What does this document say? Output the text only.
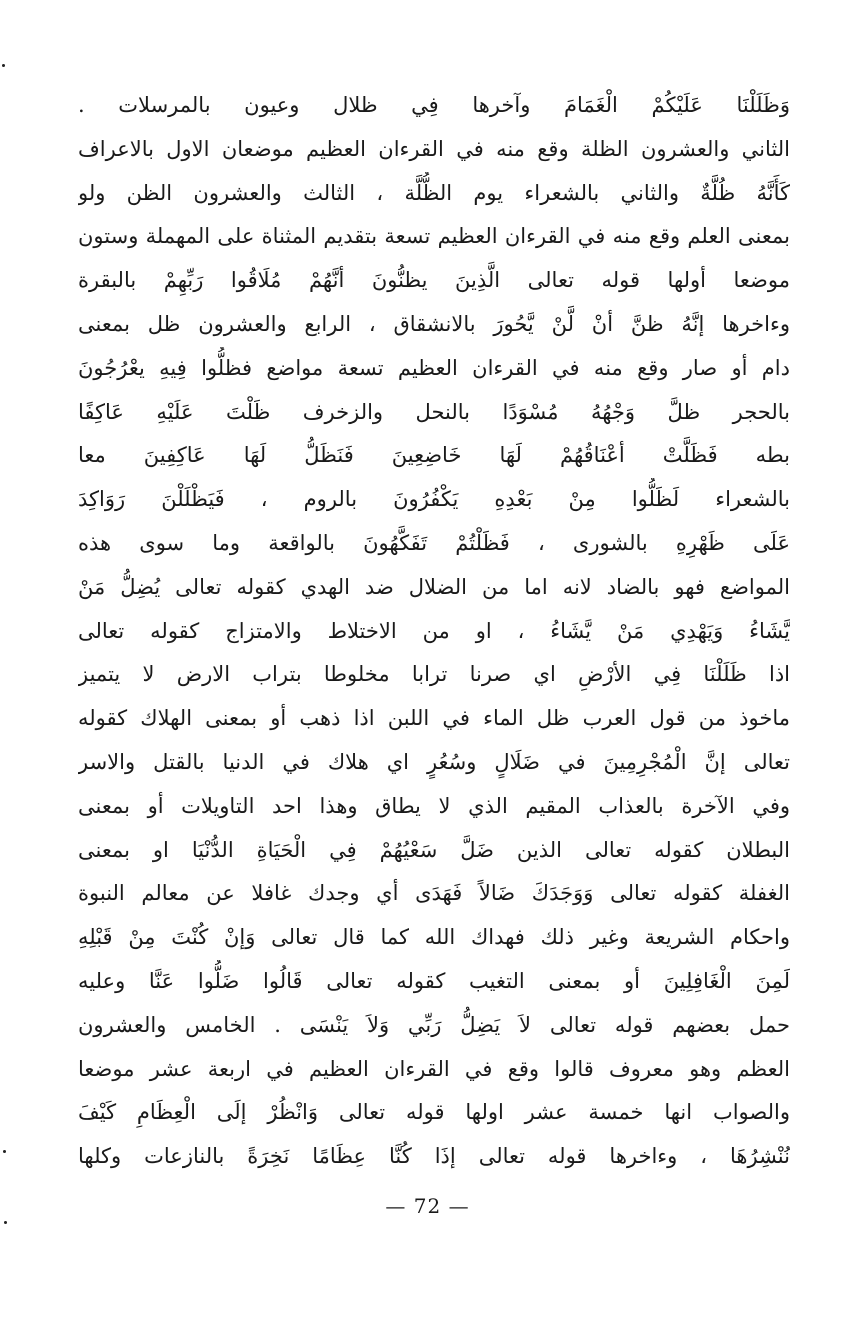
وَظَلَلْنَا عَلَيْكُمْ الْغَمَامَ وآخرها فِي ظلال وعيون بالمرسلات .
الثاني والعشرون الظلة وقع منه في القرءان العظيم موضعان الاول بالاعراف
كَأَنَّهُ ظُلَّةٌ والثاني بالشعراء يوم الظُّلَّة ، الثالث والعشرون الظن ولو
بمعنى العلم وقع منه في القرءان العظيم تسعة بتقديم المثناة على المهملة وستون
موضعا أولها قوله تعالى الَّذِينَ يظنُّونَ أنَّهُمْ مُلَاقُوا رَبِّهِمْ بالبقرة
وءاخرها إنَّهُ ظنَّ أنْ لَّنْ يَّحُورَ بالانشقاق ، الرابع والعشرون ظل بمعنى
دام أو صار وقع منه في القرءان العظيم تسعة مواضع فظلُّوا فِيهِ يعْرُجُونَ
بالحجر ظلَّ وَجْهُهُ مُسْوَدًا بالنحل والزخرف ظَلْتَ عَلَيْهِ عَاكِفًا
بطه فَظَلَّتْ أعْنَاقُهُمْ لَهَا خَاضِعِينَ فَنَظَلُّ لَهَا عَاكِفِينَ معا
بالشعراء لَظَلُّوا مِنْ بَعْدِهِ يَكْفُرُونَ بالروم ، فَيَظْلَلْنَ رَوَاكِدَ
عَلَى ظَهْرِهِ بالشورى ، فَظَلْتُمْ تَفَكَّهُونَ بالواقعة وما سوى هذه
المواضع فهو بالضاد لانه اما من الضلال ضد الهدي كقوله تعالى يُضِلُّ مَنْ
يَّشَاءُ وَيَهْدِي مَنْ يَّشَاءُ ، او من الاختلاط والامتزاج كقوله تعالى
اذا ظَلَلْنَا فِي الأرْضِ اي صرنا ترابا مخلوطا بتراب الارض لا يتميز
ماخوذ من قول العرب ظل الماء في اللبن اذا ذهب أو بمعنى الهلاك كقوله
تعالى إنَّ الْمُجْرِمِينَ في ضَلَالٍ وسُعُرٍ اي هلاك في الدنيا بالقتل والاسر
وفي الآخرة بالعذاب المقيم الذي لا يطاق وهذا احد التاويلات أو بمعنى
البطلان كقوله تعالى الذين ضَلَّ سَعْيُهُمْ فِي الْحَيَاةِ الدُّنْيَا او بمعنى
الغفلة كقوله تعالى وَوَجَدَكَ ضَالاً فَهَدَى أي وجدك غافلا عن معالم النبوة
واحكام الشريعة وغير ذلك فهداك الله كما قال تعالى وَإنْ كُنْتَ مِنْ قَبْلِهِ
لَمِنَ الْغَافِلِينَ أو بمعنى التغيب كقوله تعالى قَالُوا ضَلُّوا عَنَّا وعليه
حمل بعضهم قوله تعالى لاَ يَضِلُّ رَبِّي وَلاَ يَنْسَى . الخامس والعشرون
العظم وهو معروف قالوا وقع في القرءان العظيم في اربعة عشر موضعا
والصواب انها خمسة عشر اولها قوله تعالى وَانْظُرْ إلَى الْعِظَامِ كَيْفَ
نُنْشِرُهَا ، وءاخرها قوله تعالى إذَا كُنَّا عِظَامًا نَخِرَةً بالنازعات وكلها
— 72 —
